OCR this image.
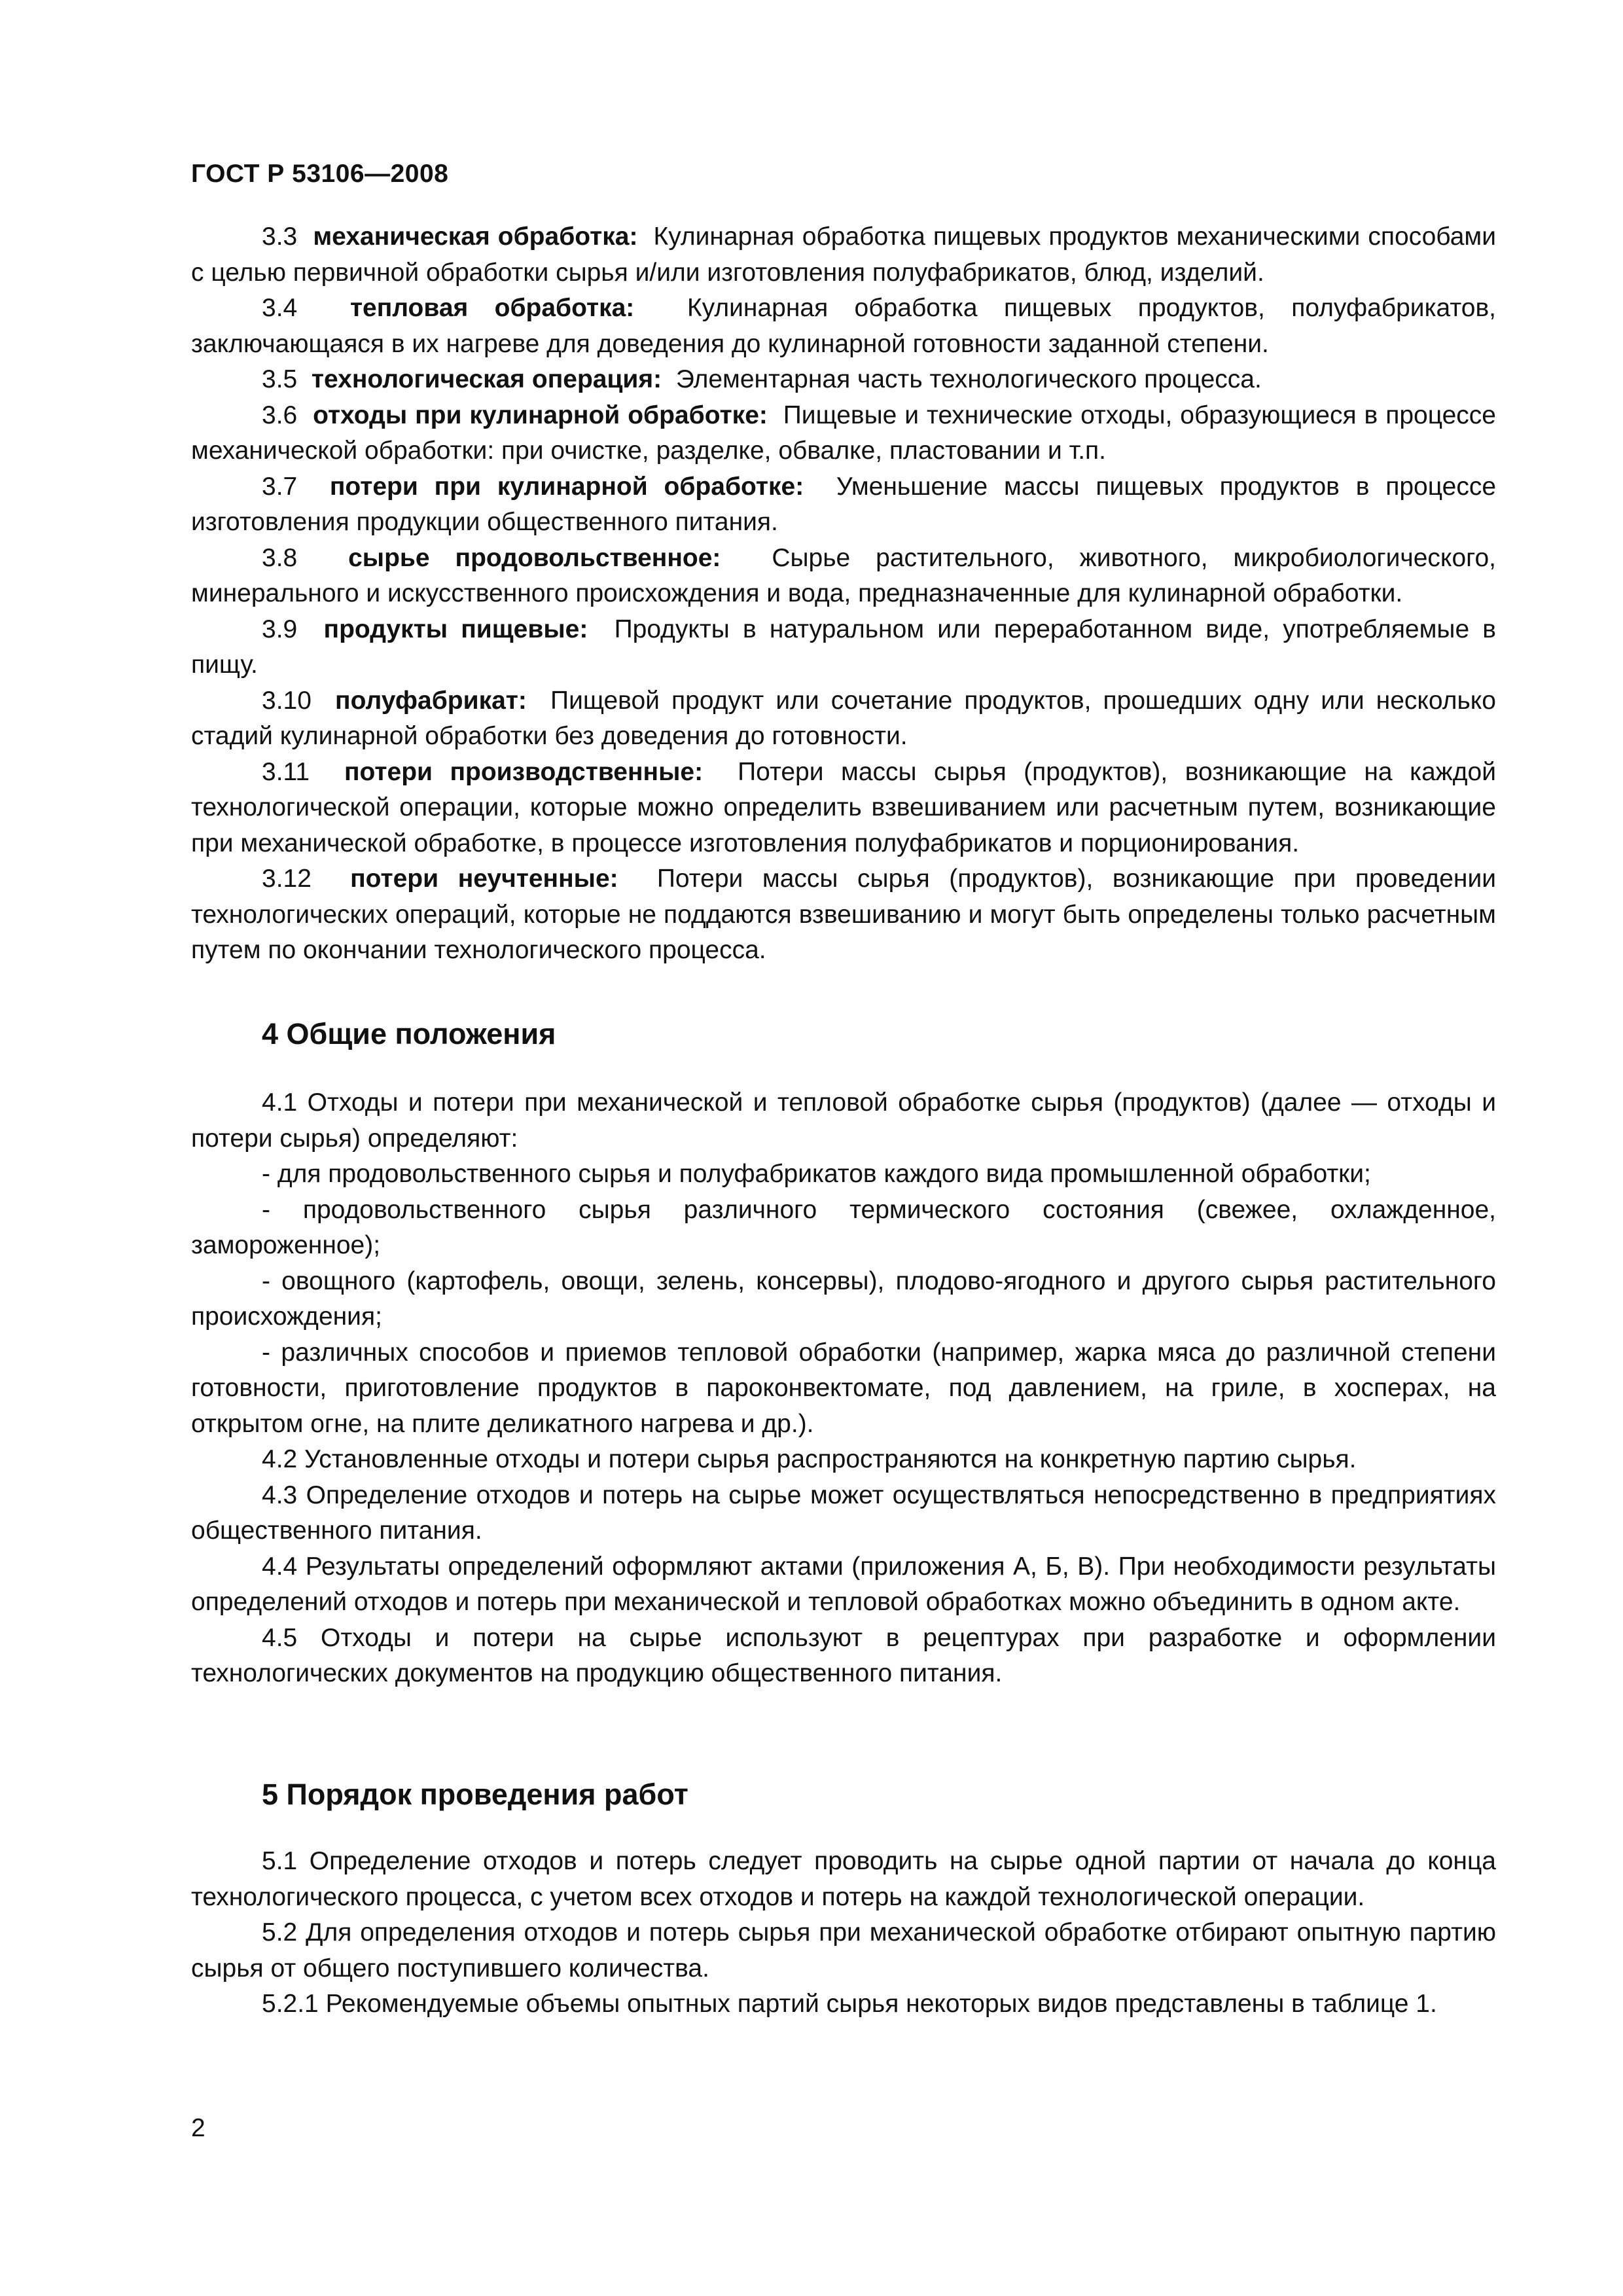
ГОСТ Р 53106—2008

3.3 механическая обработка: Кулинарная обработка пищевых продуктов механическими способами с целью первичной обработки сырья и/или изготовления полуфабрикатов, блюд, изделий.

3.4 тепловая обработка: Кулинарная обработка пищевых продуктов, полуфабрикатов, заключающаяся в их нагреве для доведения до кулинарной готовности заданной степени.

3.5 технологическая операция: Элементарная часть технологического процесса.

3.6 отходы при кулинарной обработке: Пищевые и технические отходы, образующиеся в процессе механической обработки: при очистке, разделке, обвалке, пластовании и т.п.

3.7 потери при кулинарной обработке: Уменьшение массы пищевых продуктов в процессе изготовления продукции общественного питания.

3.8 сырье продовольственное: Сырье растительного, животного, микробиологического, минерального и искусственного происхождения и вода, предназначенные для кулинарной обработки.

3.9 продукты пищевые: Продукты в натуральном или переработанном виде, употребляемые в пищу.

3.10 полуфабрикат: Пищевой продукт или сочетание продуктов, прошедших одну или несколько стадий кулинарной обработки без доведения до готовности.

3.11 потери производственные: Потери массы сырья (продуктов), возникающие на каждой технологической операции, которые можно определить взвешиванием или расчетным путем, возникающие при механической обработке, в процессе изготовления полуфабрикатов и порционирования.

3.12 потери неучтенные: Потери массы сырья (продуктов), возникающие при проведении технологических операций, которые не поддаются взвешиванию и могут быть определены только расчетным путем по окончании технологического процесса.

4 Общие положения

4.1 Отходы и потери при механической и тепловой обработке сырья (продуктов) (далее — отходы и потери сырья) определяют:

- для продовольственного сырья и полуфабрикатов каждого вида промышленной обработки;

- продовольственного сырья различного термического состояния (свежее, охлажденное, замороженное);

- овощного (картофель, овощи, зелень, консервы), плодово-ягодного и другого сырья растительного происхождения;

- различных способов и приемов тепловой обработки (например, жарка мяса до различной степени готовности, приготовление продуктов в пароконвектомате, под давлением, на гриле, в хосперах, на открытом огне, на плите деликатного нагрева и др.).

4.2 Установленные отходы и потери сырья распространяются на конкретную партию сырья.

4.3 Определение отходов и потерь на сырье может осуществляться непосредственно в предприятиях общественного питания.

4.4 Результаты определений оформляют актами (приложения А, Б, В). При необходимости результаты определений отходов и потерь при механической и тепловой обработках можно объединить в одном акте.

4.5 Отходы и потери на сырье используют в рецептурах при разработке и оформлении технологических документов на продукцию общественного питания.

5 Порядок проведения работ

5.1 Определение отходов и потерь следует проводить на сырье одной партии от начала до конца технологического процесса, с учетом всех отходов и потерь на каждой технологической операции.

5.2 Для определения отходов и потерь сырья при механической обработке отбирают опытную партию сырья от общего поступившего количества.

5.2.1 Рекомендуемые объемы опытных партий сырья некоторых видов представлены в таблице 1.

2
